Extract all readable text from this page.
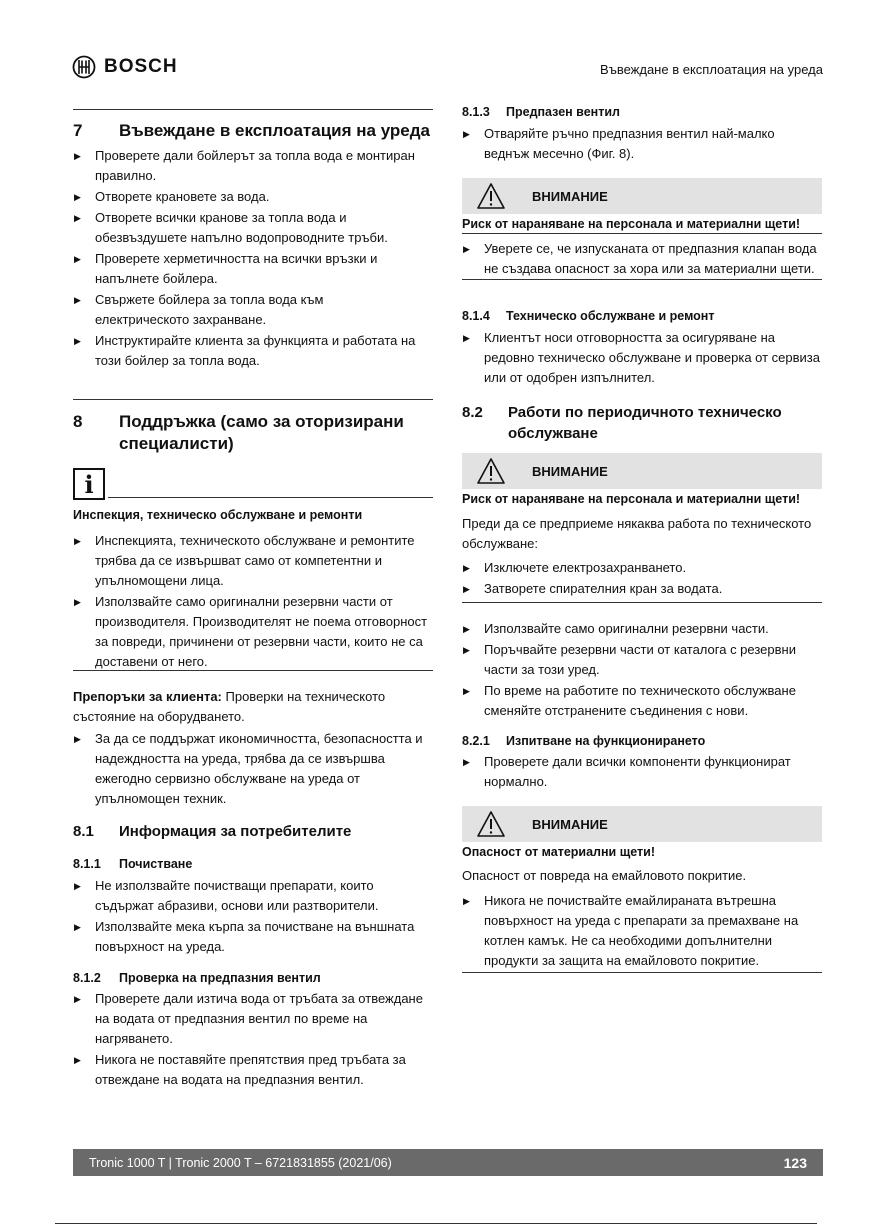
BOSCH	Въвеждане в експлоатация на уреда
7	Въвеждане в експлоатация на уреда
▶ Проверете дали бойлерът за топла вода е монтиран правилно.
▶ Отворете крановете за вода.
▶ Отворете всички кранове за топла вода и обезвъздушете напълно водопроводните тръби.
▶ Проверете херметичността на всички връзки и напълнете бойлера.
▶ Свържете бойлера за топла вода към електрическото захранване.
▶ Инструктирайте клиента за функцията и работата на този бойлер за топла вода.
8	Поддръжка (само за оторизирани специалисти)
i
Инспекция, техническо обслужване и ремонти
▶ Инспекцията, техническото обслужване и ремонтите трябва да се извършват само от компетентни и упълномощени лица.
▶ Използвайте само оригинални резервни части от производителя. Производителят не поема отговорност за повреди, причинени от резервни части, които не са доставени от него.
Препоръки за клиента: Проверки на техническото състояние на оборудването.
▶ За да се поддържат икономичността, безопасността и надеждността на уреда, трябва да се извършва ежегодно сервизно обслужване на уреда от упълномощен техник.
8.1	Информация за потребителите
8.1.1	Почистване
▶ Не използвайте почистващи препарати, които съдържат абразиви, основи или разтворители.
▶ Използвайте мека кърпа за почистване на външната повърхност на уреда.
8.1.2	Проверка на предпазния вентил
▶ Проверете дали изтича вода от тръбата за отвеждане на водата от предпазния вентил по време на нагряването.
▶ Никога не поставяйте препятствия пред тръбата за отвеждане на водата на предпазния вентил.
8.1.3	Предпазен вентил
▶ Отваряйте ръчно предпазния вентил най-малко веднъж месечно (Фиг. 8).
ВНИМАНИЕ
Риск от нараняване на персонала и материални щети!
▶ Уверете се, че изпусканата от предпазния клапан вода не създава опасност за хора или за материални щети.
8.1.4	Техническо обслужване и ремонт
▶ Клиентът носи отговорността за осигуряване на редовно техническо обслужване и проверка от сервиза или от одобрен изпълнител.
8.2	Работи по периодичното техническо обслужване
ВНИМАНИЕ
Риск от нараняване на персонала и материални щети!
Преди да се предприеме някаква работа по техническото обслужване:
▶ Изключете електрозахранването.
▶ Затворете спирателния кран за водата.
▶ Използвайте само оригинални резервни части.
▶ Поръчвайте резервни части от каталога с резервни части за този уред.
▶ По време на работите по техническото обслужване сменяйте отстранените съединения с нови.
8.2.1	Изпитване на функционирането
▶ Проверете дали всички компоненти функционират нормално.
ВНИМАНИЕ
Опасност от материални щети!
Опасност от повреда на емайловото покритие.
▶ Никога не почиствайте емайлираната вътрешна повърхност на уреда с препарати за премахване на котлен камък. Не са необходими допълнителни продукти за защита на емайловото покритие.
Tronic 1000 T | Tronic 2000 T – 6721831855 (2021/06)	123
